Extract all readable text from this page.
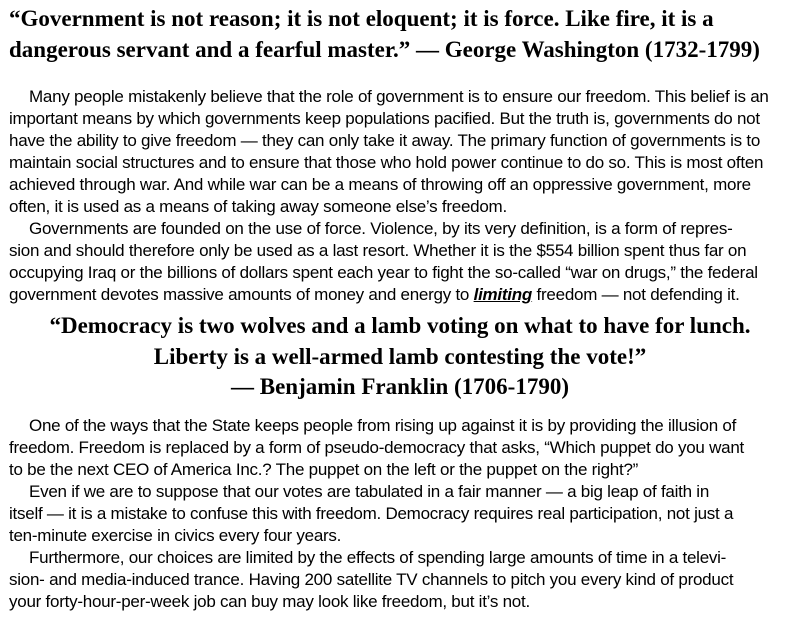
“Government is not reason; it is not eloquent; it is force. Like fire, it is a
dangerous servant and a fearful master.” — George Washington (1732-1799)
Many people mistakenly believe that the role of government is to ensure our freedom. This belief is an
important means by which governments keep populations pacified. But the truth is, governments do not
have the ability to give freedom — they can only take it away. The primary function of governments is to
maintain social structures and to ensure that those who hold power continue to do so. This is most often
achieved through war. And while war can be a means of throwing off an oppressive government, more
often, it is used as a means of taking away someone else’s freedom.
Governments are founded on the use of force. Violence, by its very definition, is a form of repres-
sion and should therefore only be used as a last resort. Whether it is the $554 billion spent thus far on
occupying Iraq or the billions of dollars spent each year to fight the so-called “war on drugs,” the federal
government devotes massive amounts of money and energy to limiting freedom — not defending it.
“Democracy is two wolves and a lamb voting on what to have for lunch.
Liberty is a well-armed lamb contesting the vote!”
— Benjamin Franklin (1706-1790)
One of the ways that the State keeps people from rising up against it is by providing the illusion of
freedom. Freedom is replaced by a form of pseudo-democracy that asks, “Which puppet do you want
to be the next CEO of America Inc.? The puppet on the left or the puppet on the right?”
Even if we are to suppose that our votes are tabulated in a fair manner — a big leap of faith in
itself — it is a mistake to confuse this with freedom. Democracy requires real participation, not just a
ten-minute exercise in civics every four years.
Furthermore, our choices are limited by the effects of spending large amounts of time in a televi-
sion- and media-induced trance. Having 200 satellite TV channels to pitch you every kind of product
your forty-hour-per-week job can buy may look like freedom, but it’s not.
